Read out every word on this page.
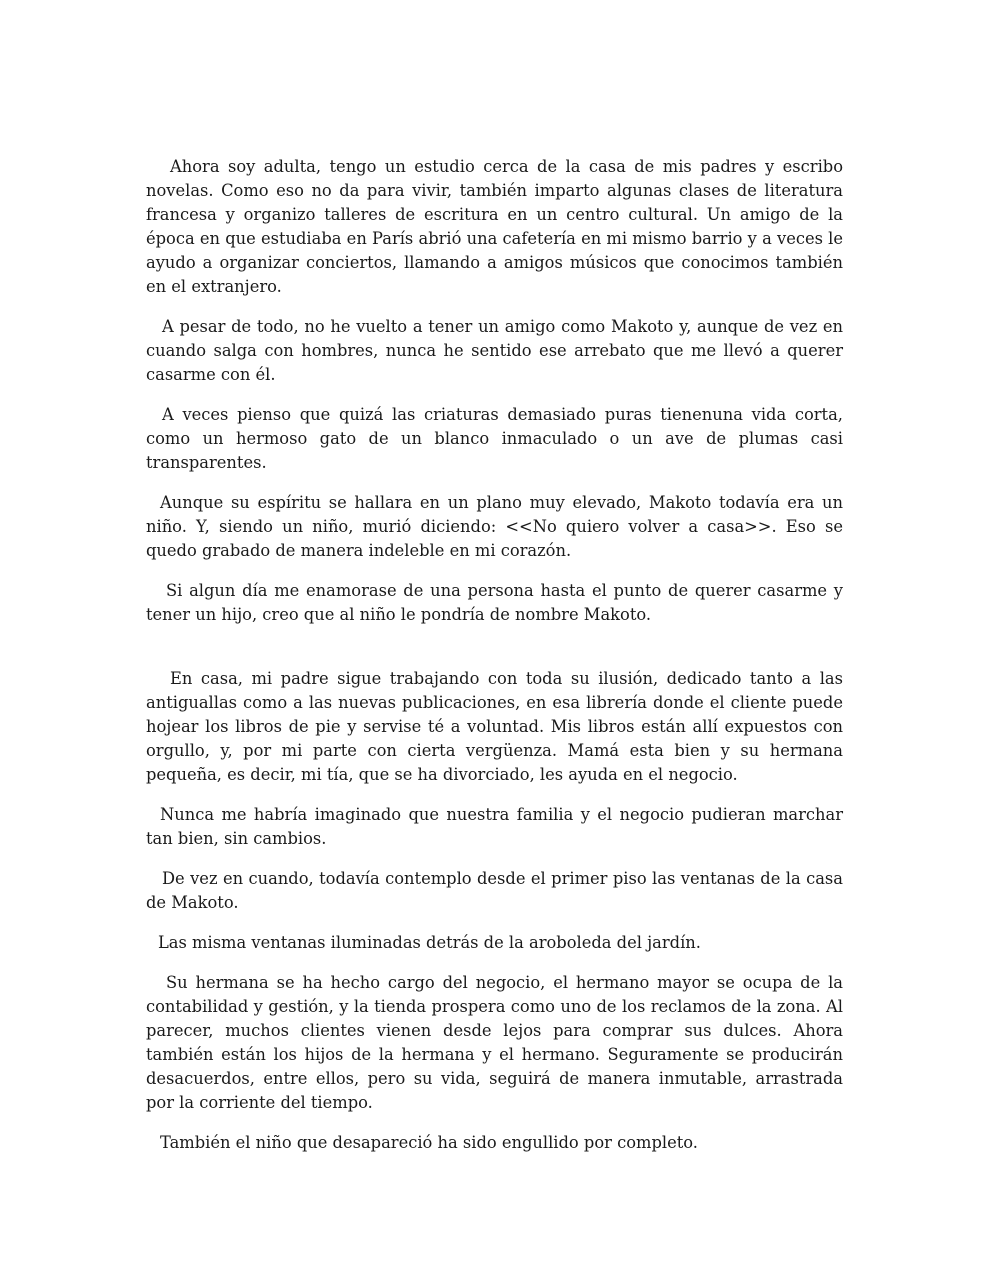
Ahora soy adulta, tengo un estudio cerca de la casa de mis padres y escribo novelas. Como eso no da para vivir, también imparto algunas clases de literatura francesa y organizo talleres de escritura en un centro cultural. Un amigo de la época en que estudiaba en París abrió una cafetería en mi mismo barrio y a veces le ayudo a organizar conciertos, llamando a amigos músicos que conocimos también en el extranjero.

A pesar de todo, no he vuelto a tener un amigo como Makoto y, aunque de vez en cuando salga con hombres, nunca he sentido ese arrebato que me llevó a querer casarme con él.

A veces pienso que quizá las criaturas demasiado puras tienenuna vida corta, como un hermoso gato de un blanco inmaculado o un ave de plumas casi transparentes.

Aunque su espíritu se hallara en un plano muy elevado, Makoto todavía era un niño. Y, siendo un niño, murió diciendo: <<No quiero volver a casa>>. Eso se quedo grabado de manera indeleble en mi corazón.

Si algun día me enamorase de una persona hasta el punto de querer casarme y tener un hijo, creo que al niño le pondría de nombre Makoto.

En casa, mi padre sigue trabajando con toda su ilusión, dedicado tanto a las antiguallas como a las nuevas publicaciones, en esa librería donde el cliente puede hojear los libros de pie y servise té a voluntad. Mis libros están allí expuestos con orgullo, y, por mi parte con cierta vergüenza. Mamá esta bien y su hermana pequeña, es decir, mi tía, que se ha divorciado, les ayuda en el negocio.

Nunca me habría imaginado que nuestra familia y el negocio pudieran marchar tan bien, sin cambios.

De vez en cuando, todavía contemplo desde el primer piso las ventanas de la casa de Makoto.

Las misma ventanas iluminadas detrás de la aroboleda del jardín.

Su hermana se ha hecho cargo del negocio, el hermano mayor se ocupa de la contabilidad y gestión, y la tienda prospera como uno de los reclamos de la zona. Al parecer, muchos clientes vienen desde lejos para comprar sus dulces. Ahora también están los hijos de la hermana y el hermano. Seguramente se producirán desacuerdos, entre ellos, pero su vida, seguirá de manera inmutable, arrastrada por la corriente del tiempo.

También el niño que desapareció ha sido engullido por completo.
